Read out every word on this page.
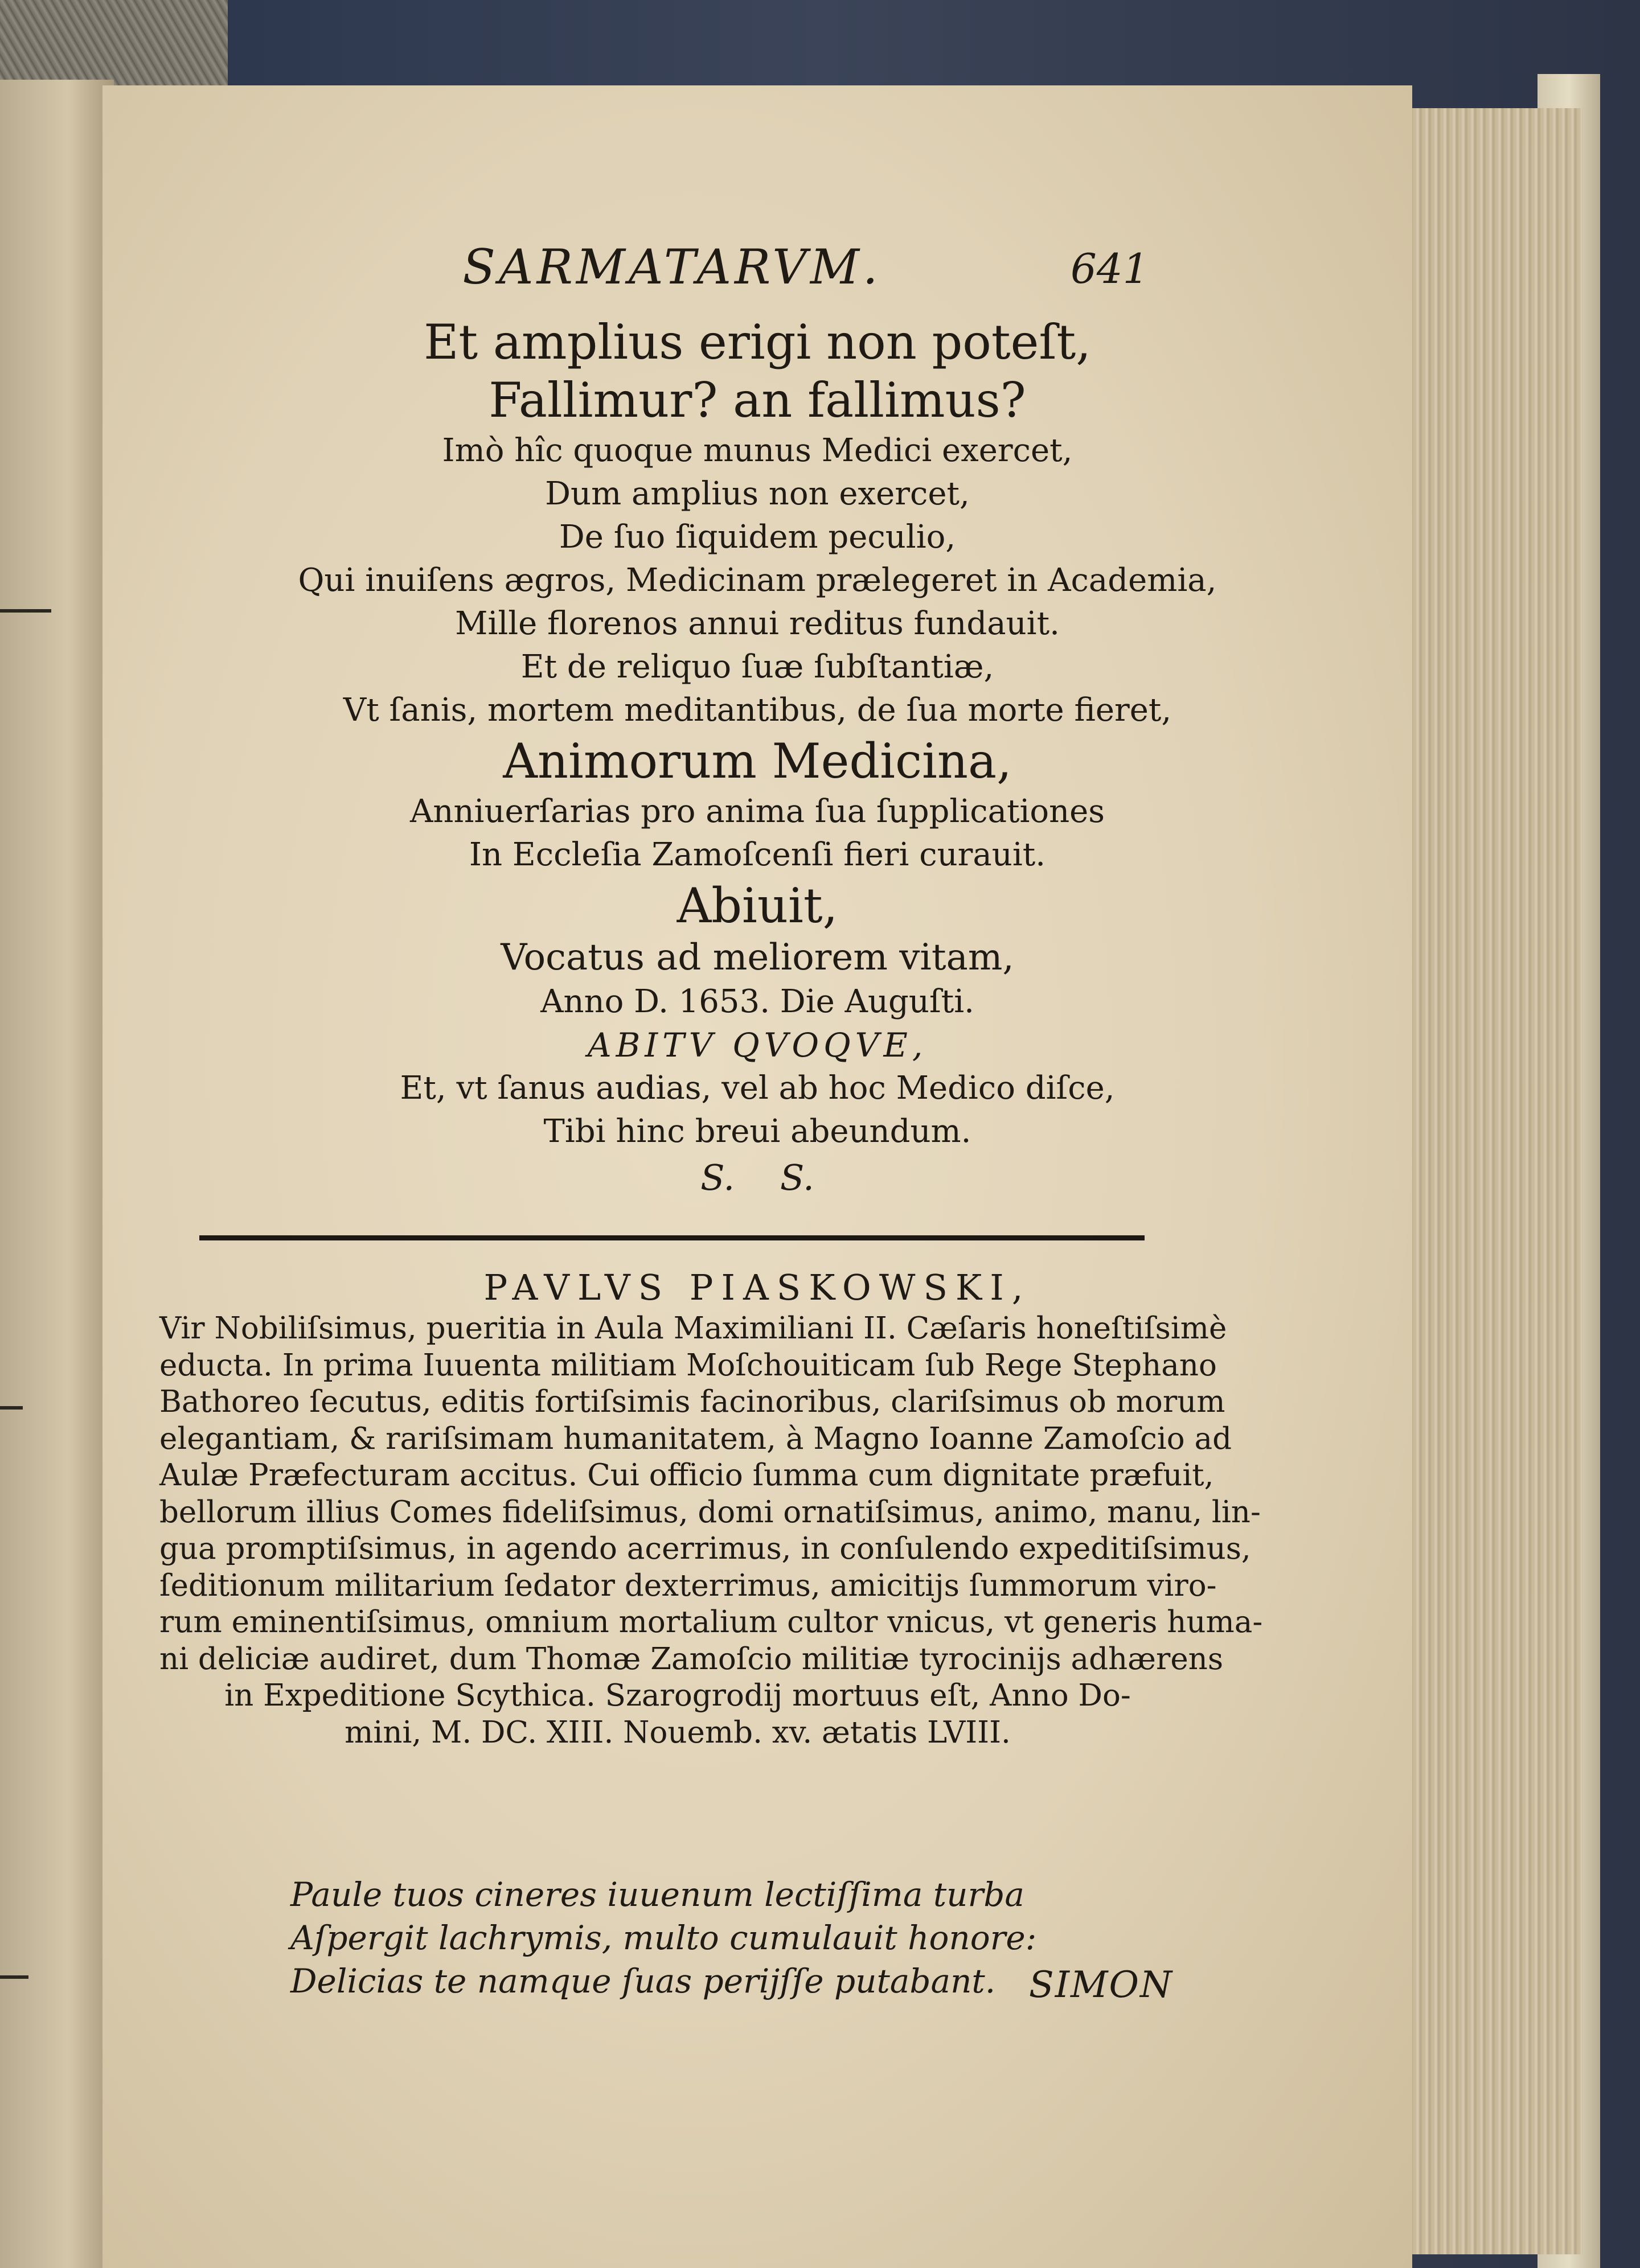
SARMATARVM.	641
Et amplius erigi non poteſt,
Fallimur? an fallimus?
Imò hîc quoque munus Medici exercet,
Dum amplius non exercet,
De ſuo ſiquidem peculio,
Qui inuiſens ægros, Medicinam prælegeret in Academia,
Mille florenos annui reditus fundauit.
Et de reliquo ſuæ ſubſtantiæ,
Vt ſanis, mortem meditantibus, de ſua morte fieret,
Animorum Medicina,
Anniuerſarias pro anima ſua ſupplicationes
In Eccleſia Zamoſcenſi fieri curauit.
Abiuit,
Vocatus ad meliorem vitam,
Anno D. 1653. Die Auguſti.
ABITV QVOQVE,
Et, vt ſanus audias, vel ab hoc Medico diſce,
Tibi hinc breui abeundum.
S. S.
PAVLVS PIASKOWSKI,
Vir Nobiliſsimus, pueritia in Aula Maximiliani II. Cæſaris honeſtiſsimè
educta. In prima Iuuenta militiam Moſchouiticam ſub Rege Stephano
Bathoreo ſecutus, editis fortiſsimis facinoribus, clariſsimus ob morum
elegantiam, & rariſsimam humanitatem, à Magno Ioanne Zamoſcio ad
Aulæ Præfecturam accitus. Cui officio ſumma cum dignitate præfuit,
bellorum illius Comes fideliſsimus, domi ornatiſsimus, animo, manu, lin-
gua promptiſsimus, in agendo acerrimus, in conſulendo expeditiſsimus,
ſeditionum militarium ſedator dexterrimus, amicitijs ſummorum viro-
rum eminentiſsimus, omnium mortalium cultor vnicus, vt generis huma-
ni deliciæ audiret, dum Thomæ Zamoſcio militiæ tyrocinijs adhærens
in Expeditione Scythica. Szarogrodij mortuus eſt, Anno Do-
mini, M. DC. XIII. Nouemb. xv. ætatis LVIII.
Paule tuos cineres iuuenum lectiſſima turba
Aſpergit lachrymis, multo cumulauit honore:
Delicias te namque ſuas perijſſe putabant. SIMON
